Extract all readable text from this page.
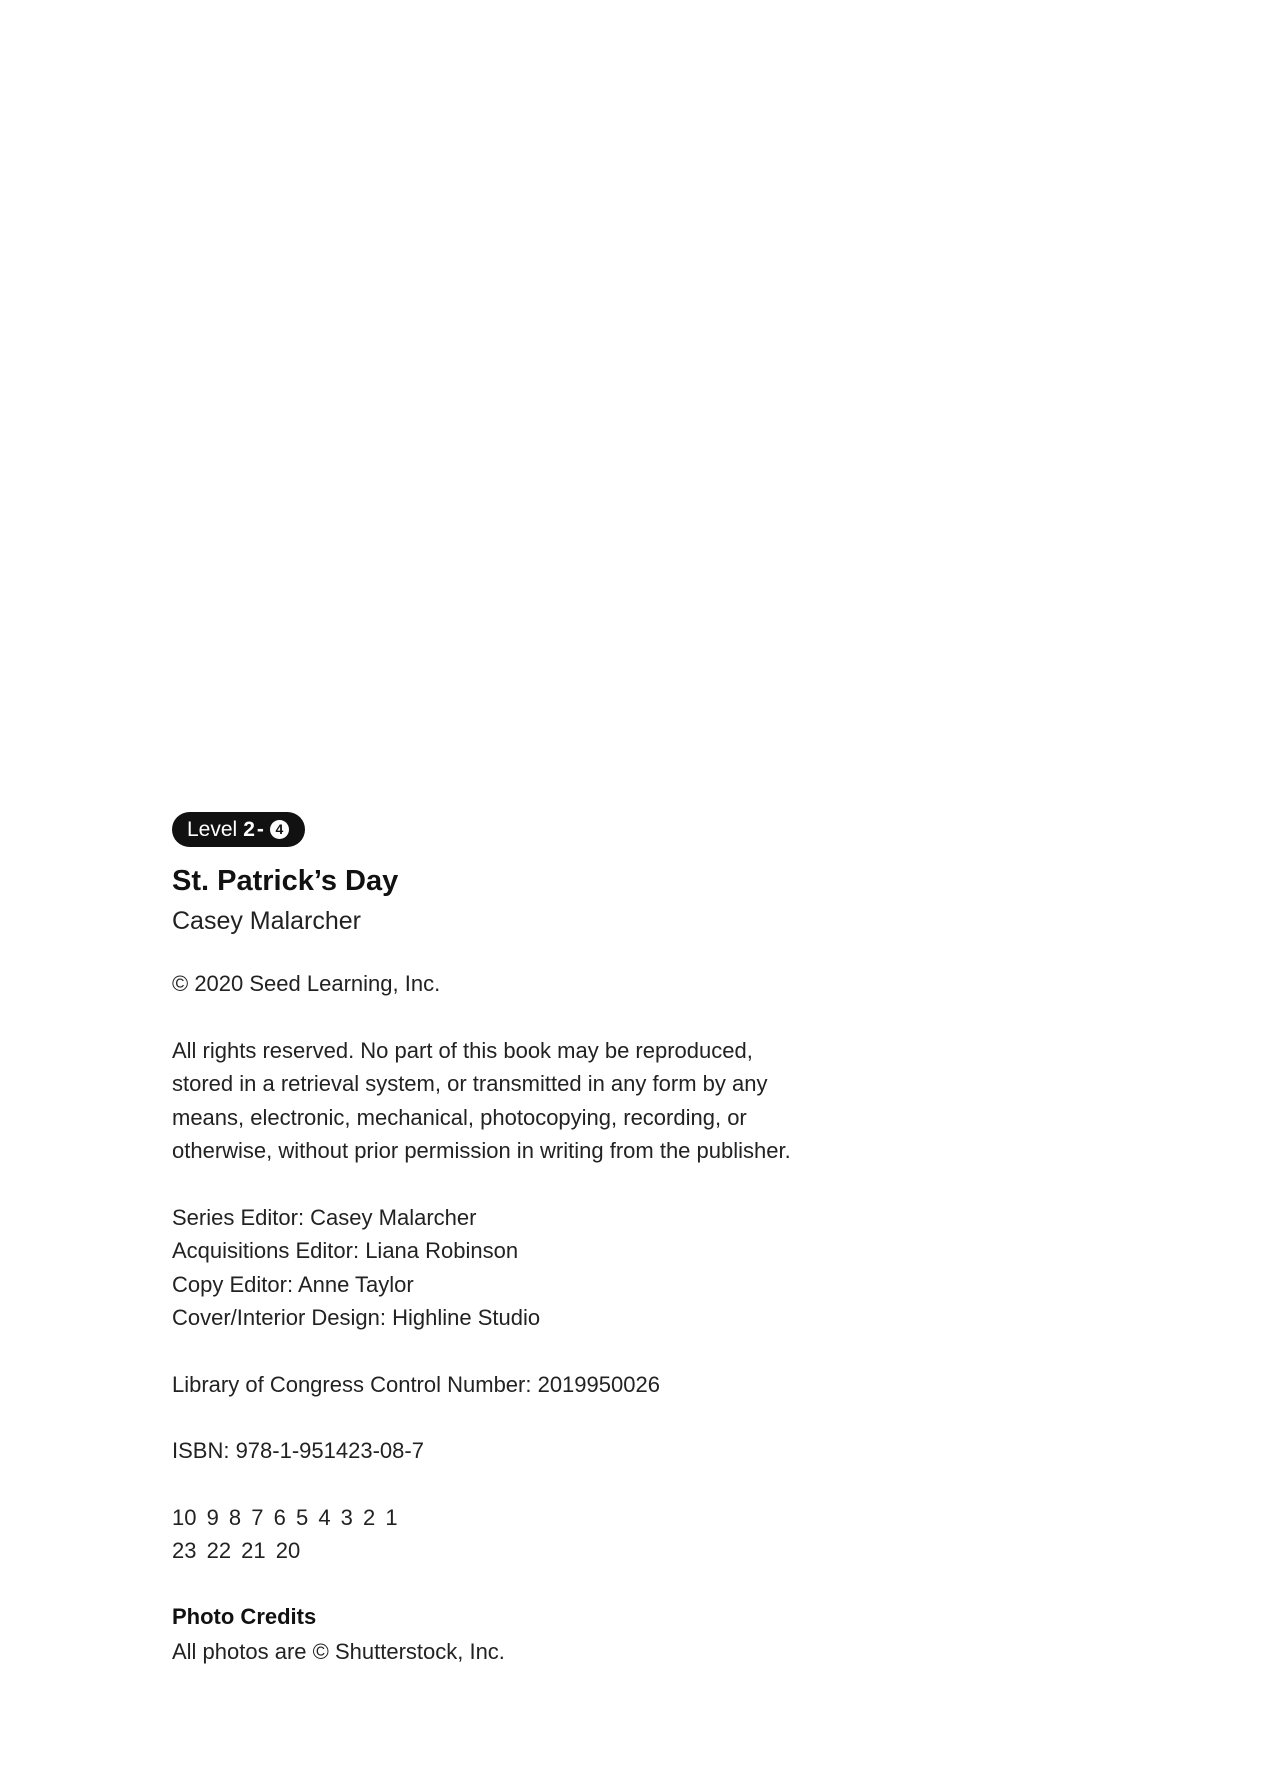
Level 2 - 4
St. Patrick’s Day
Casey Malarcher
© 2020 Seed Learning, Inc.
All rights reserved. No part of this book may be reproduced,
stored in a retrieval system, or transmitted in any form by any
means, electronic, mechanical, photocopying, recording, or
otherwise, without prior permission in writing from the publisher.
Series Editor: Casey Malarcher
Acquisitions Editor: Liana Robinson
Copy Editor: Anne Taylor
Cover/Interior Design: Highline Studio
Library of Congress Control Number: 2019950026
ISBN: 978-1-951423-08-7
10 9 8 7 6 5 4 3 2 1
23 22 21 20
Photo Credits
All photos are © Shutterstock, Inc.
